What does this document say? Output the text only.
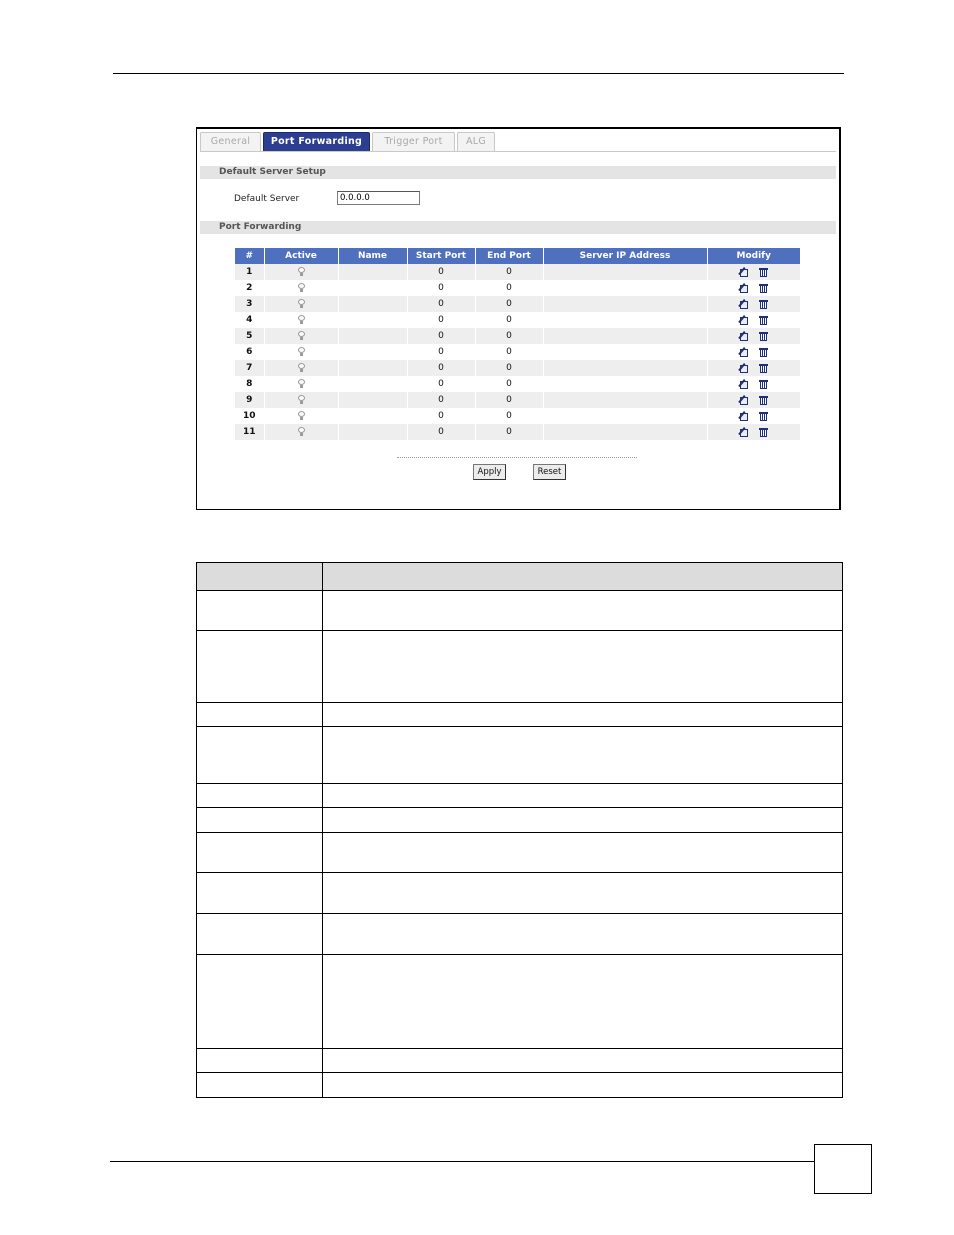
General	Port Forwarding	Trigger Port	ALG
Default Server Setup
Default Server	0.0.0.0
Port Forwarding
#	Active	Name	Start Port	End Port	Server IP Address	Modify
1			0	0		
2			0	0		
3			0	0		
4			0	0		
5			0	0		
6			0	0		
7			0	0		
8			0	0		
9			0	0		
10			0	0		
11			0	0		
Apply	Reset
